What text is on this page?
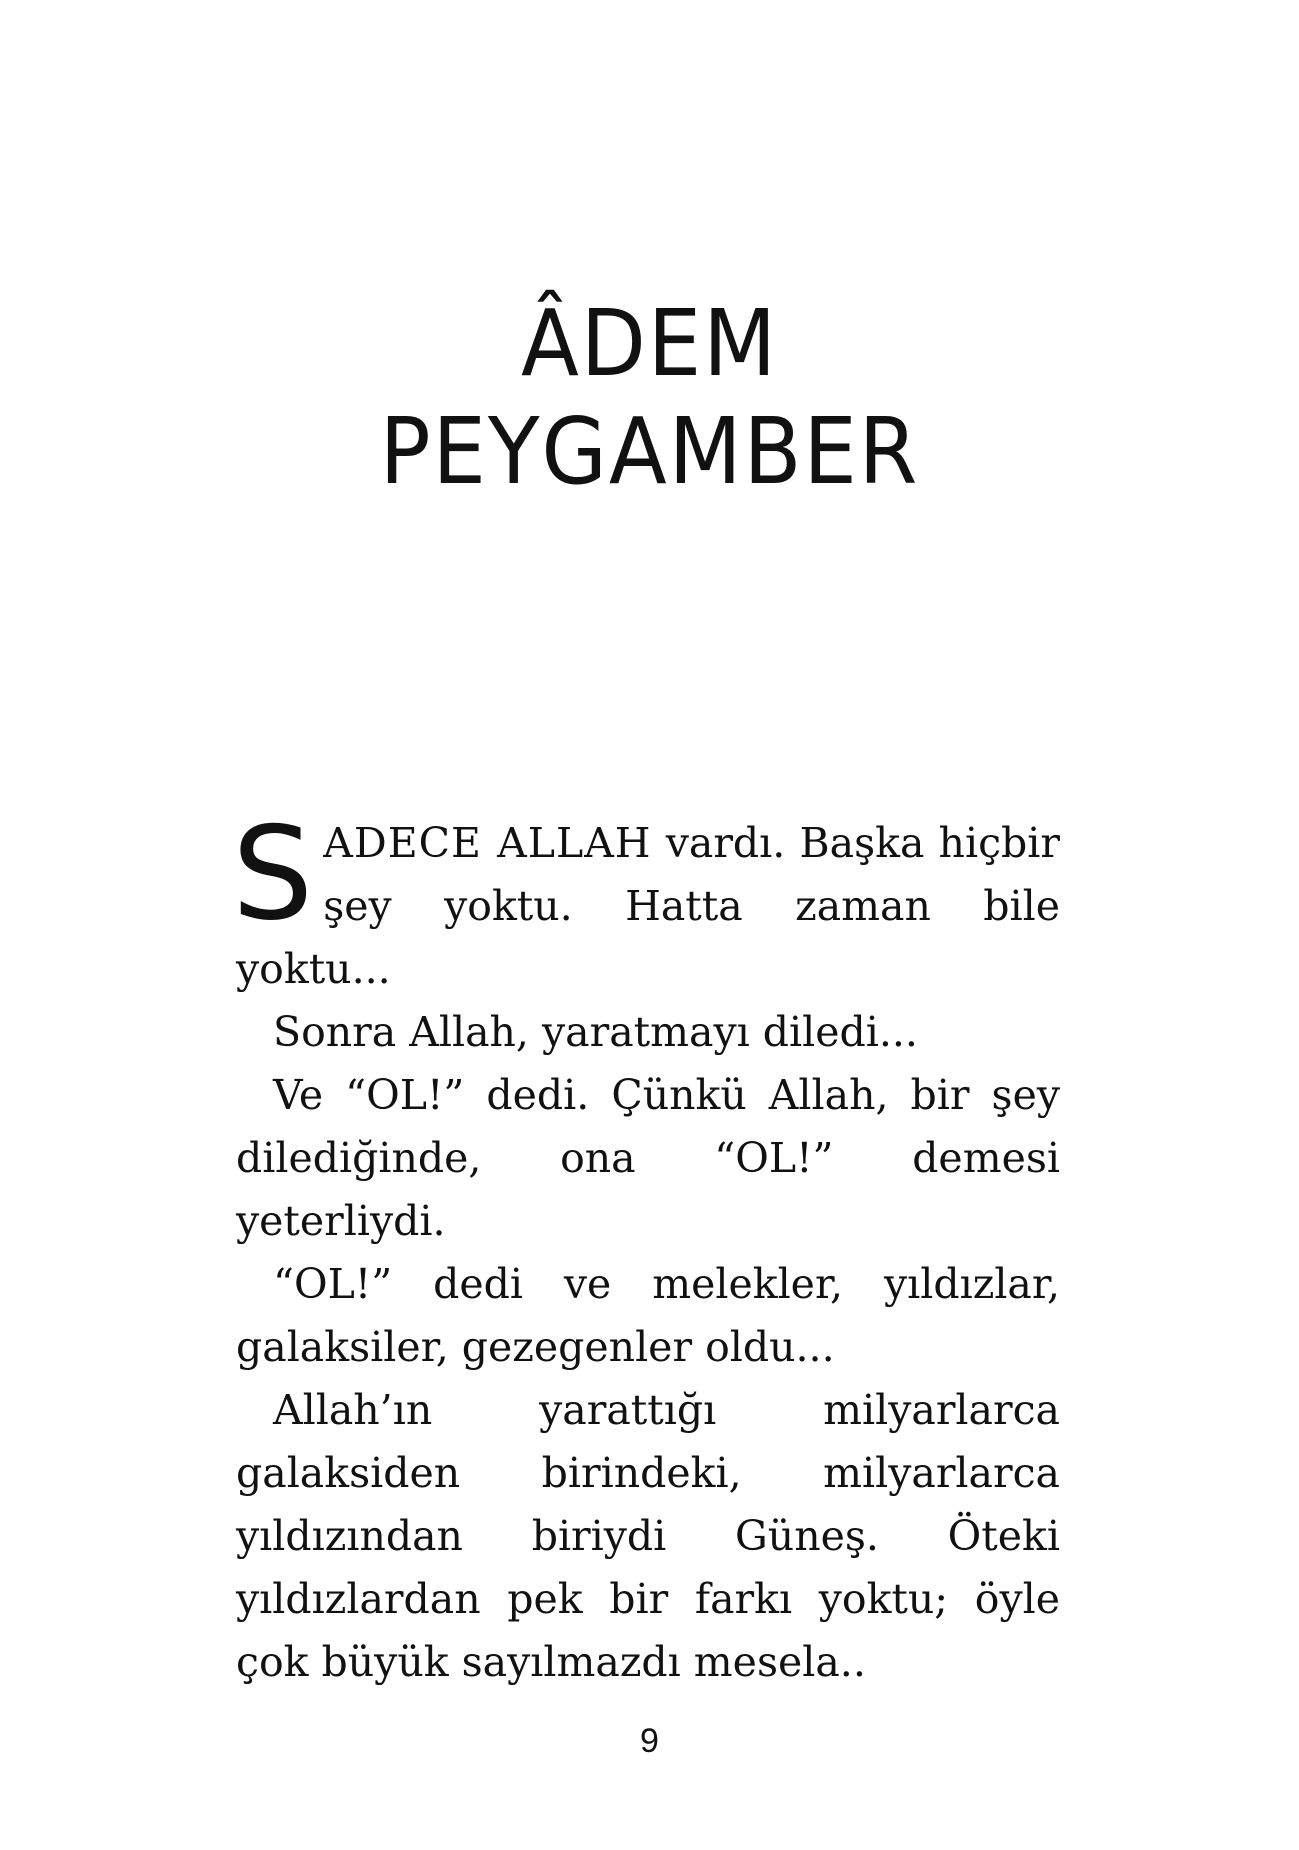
ÂDEM
PEYGAMBER

SADECE ALLAH vardı. Başka hiçbir şey yoktu. Hatta zaman bile yoktu...

Sonra Allah, yaratmayı diledi...

Ve “OL!” dedi. Çünkü Allah, bir şey dilediğinde, ona “OL!” demesi yeterliydi.

“OL!” dedi ve melekler, yıldızlar, galaksiler, gezegenler oldu...

Allah’ın yarattığı milyarlarca galaksiden birindeki, milyarlarca yıldızından biriydi Güneş. Öteki yıldızlardan pek bir farkı yoktu; öyle çok büyük sayılmazdı mesela..

9
